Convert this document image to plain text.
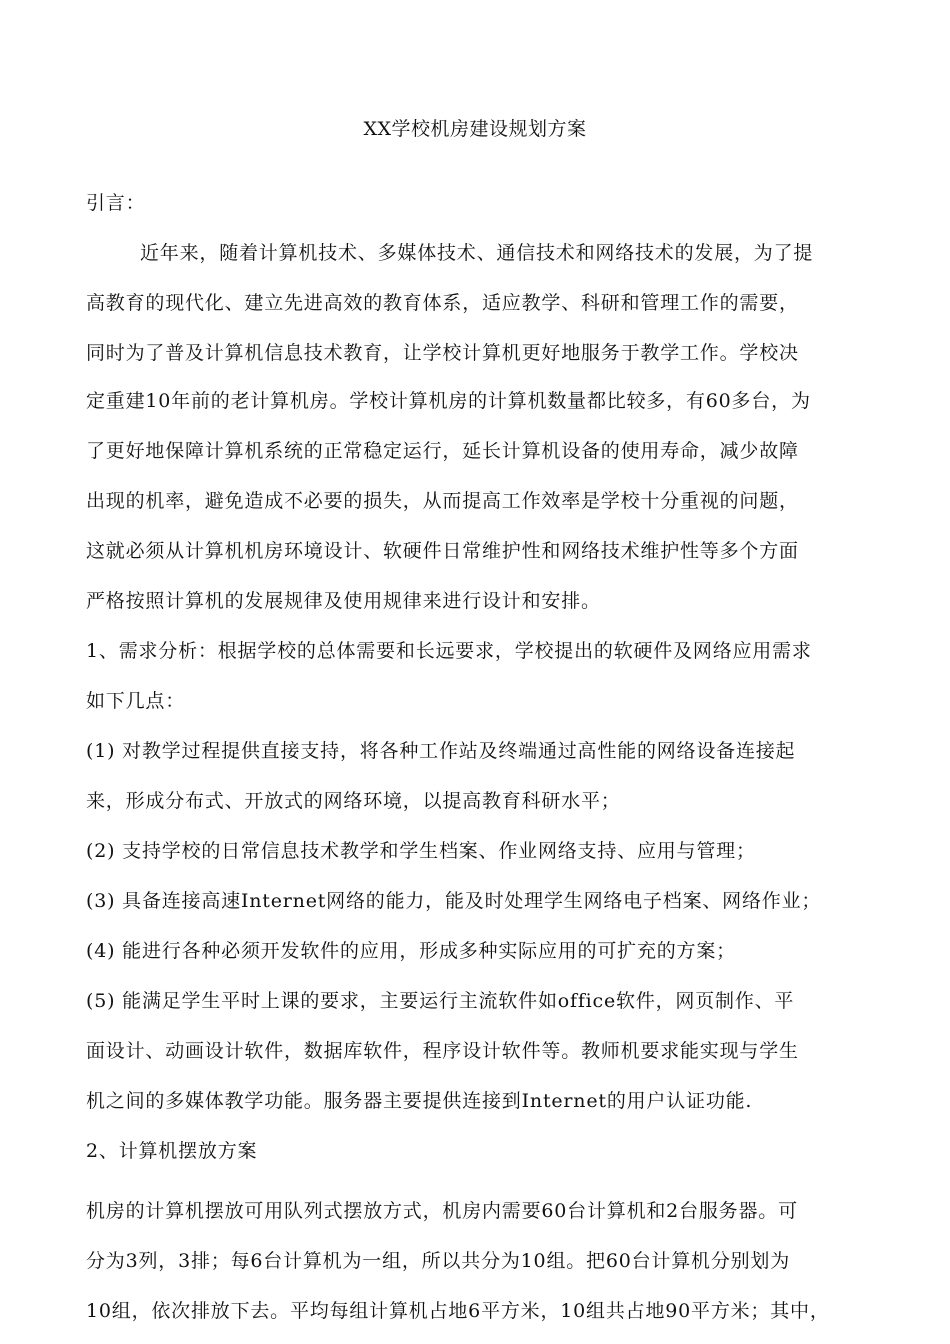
XX学校机房建设规划方案
引言：
近年来，随着计算机技术、多媒体技术、通信技术和网络技术的发展，为了提
高教育的现代化、建立先进高效的教育体系，适应教学、科研和管理工作的需要，
同时为了普及计算机信息技术教育，让学校计算机更好地服务于教学工作。学校决
定重建10年前的老计算机房。学校计算机房的计算机数量都比较多，有60多台，为
了更好地保障计算机系统的正常稳定运行，延长计算机设备的使用寿命，减少故障
出现的机率，避免造成不必要的损失，从而提高工作效率是学校十分重视的问题，
这就必须从计算机机房环境设计、软硬件日常维护性和网络技术维护性等多个方面
严格按照计算机的发展规律及使用规律来进行设计和安排。
1、需求分析：根据学校的总体需要和长远要求，学校提出的软硬件及网络应用需求
如下几点：
(1) 对教学过程提供直接支持，将各种工作站及终端通过高性能的网络设备连接起
来，形成分布式、开放式的网络环境，以提高教育科研水平；
(2) 支持学校的日常信息技术教学和学生档案、作业网络支持、应用与管理；
(3) 具备连接高速Internet网络的能力，能及时处理学生网络电子档案、网络作业；
(4) 能进行各种必须开发软件的应用，形成多种实际应用的可扩充的方案；
(5) 能满足学生平时上课的要求，主要运行主流软件如office软件，网页制作、平
面设计、动画设计软件，数据库软件，程序设计软件等。教师机要求能实现与学生
机之间的多媒体教学功能。服务器主要提供连接到Internet的用户认证功能.
2、计算机摆放方案
机房的计算机摆放可用队列式摆放方式，机房内需要60台计算机和2台服务器。可
分为3列，3排；每6台计算机为一组，所以共分为10组。把60台计算机分别划为
10组，依次排放下去。平均每组计算机占地6平方米，10组共占地90平方米；其中，
